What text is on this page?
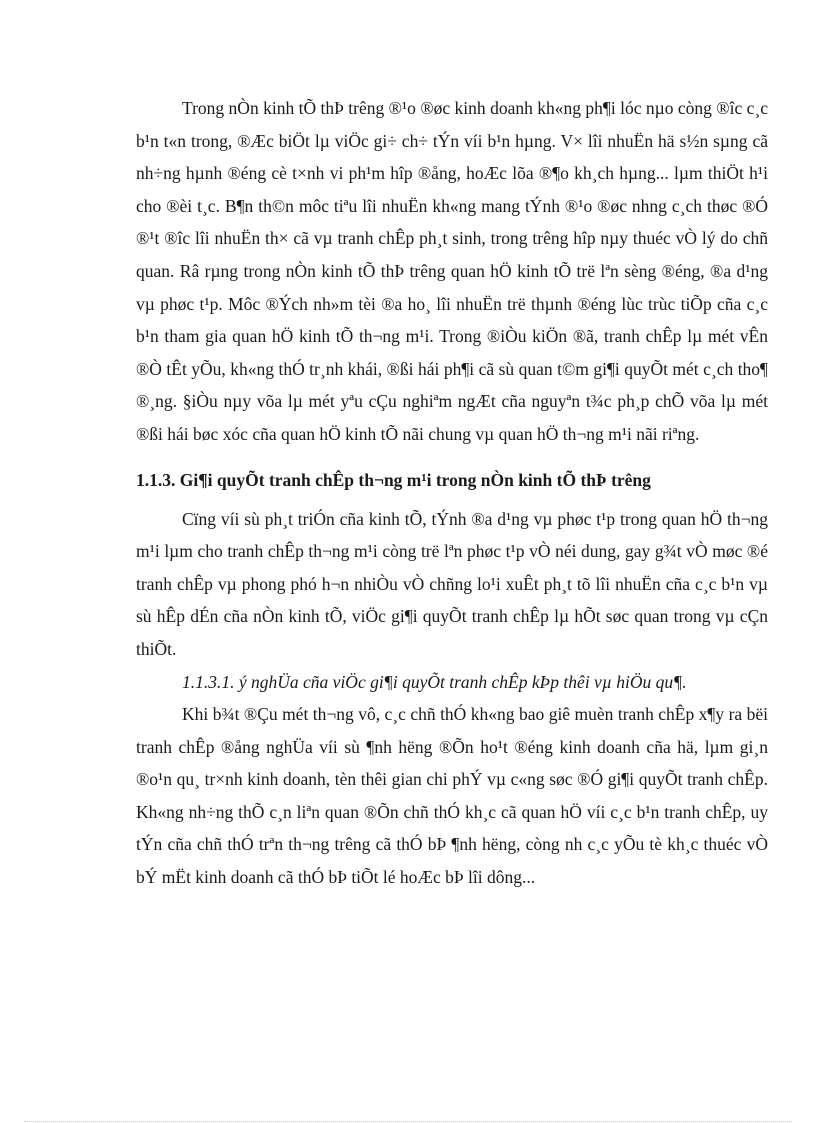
Trong nÒn kinh tÕ thÞ trêng ®¹o ®øc kinh doanh kh«ng ph¶i lóc nµo còng ®îc c¸c b¹n t«n trong, ®Æc biÖt lµ viÖc gi÷ ch÷ tÝn víi b¹n hµng. V× lîi nhuËn hä s½n sµng cã nh÷ng hµnh ®éng cè t×nh vi ph¹m hîp ®ång, hoÆc lõa ®¶o kh¸ch hµng... lµm thiÖt h¹i cho ®èi t¸c. B¶n th©n môc tiªu lîi nhuËn kh«ng mang tÝnh ®¹o ®øc nhng c¸ch thøc ®Ó ®¹t ®îc lîi nhuËn th× cã vµ tranh chÊp ph¸t sinh, trong trêng hîp nµy thuéc vÒ lý do chñ quan. Râ rµng trong nÒn kinh tÕ thÞ trêng quan hÖ kinh tÕ trë lªn sèng ®éng, ®a d¹ng vµ phøc t¹p. Môc ®Ých nh»m tèi ®a ho¸ lîi nhuËn trë thµnh ®éng lùc trùc tiÕp cña c¸c b¹n tham gia quan hÖ kinh tÕ th¬ng m¹i. Trong ®iÒu kiÖn ®ã, tranh chÊp lµ mét vÊn ®Ò tÊt yÕu, kh«ng thÓ tr¸nh khái, ®ßi hái ph¶i cã sù quan t©m gi¶i quyÕt mét c¸ch tho¶ ®¸ng. §iÒu nµy võa lµ mét yªu cÇu nghiªm ngÆt cña nguyªn t¾c ph¸p chÕ võa lµ mét ®ßi hái bøc xóc cña quan hÖ kinh tÕ nãi chung vµ quan hÖ th¬ng m¹i nãi riªng.

1.1.3. Gi¶i quyÕt tranh chÊp th¬ng m¹i trong nÒn kinh tÕ thÞ trêng

Cïng víi sù ph¸t triÓn cña kinh tÕ, tÝnh ®a d¹ng vµ phøc t¹p trong quan hÖ th¬ng m¹i lµm cho tranh chÊp th¬ng m¹i còng trë lªn phøc t¹p vÒ néi dung, gay g¾t vÒ møc ®é tranh chÊp vµ phong phó h¬n nhiÒu vÒ chñng lo¹i xuÊt ph¸t tõ lîi nhuËn cña c¸c b¹n vµ sù hÊp dÉn cña nÒn kinh tÕ, viÖc gi¶i quyÕt tranh chÊp lµ hÕt søc quan trong vµ cÇn thiÕt.

1.1.3.1. ý nghÜa cña viÖc gi¶i quyÕt tranh chÊp kÞp thêi vµ hiÖu qu¶.

Khi b¾t ®Çu mét th¬ng vô, c¸c chñ thÓ kh«ng bao giê muèn tranh chÊp x¶y ra bëi tranh chÊp ®ång nghÜa víi sù ¶nh hëng ®Õn ho¹t ®éng kinh doanh cña hä, lµm gi¸n ®o¹n qu¸ tr×nh kinh doanh, tèn thêi gian chi phÝ vµ c«ng søc ®Ó gi¶i quyÕt tranh chÊp. Kh«ng nh÷ng thÕ c¸n liªn quan ®Õn chñ thÓ kh¸c cã quan hÖ víi c¸c b¹n tranh chÊp, uy tÝn cña chñ thÓ trªn th¬ng trêng cã thÓ bÞ ¶nh hëng, còng nh c¸c yÕu tè kh¸c thuéc vÒ bÝ mËt kinh doanh cã thÓ bÞ tiÕt lé hoÆc bÞ lîi dông...
